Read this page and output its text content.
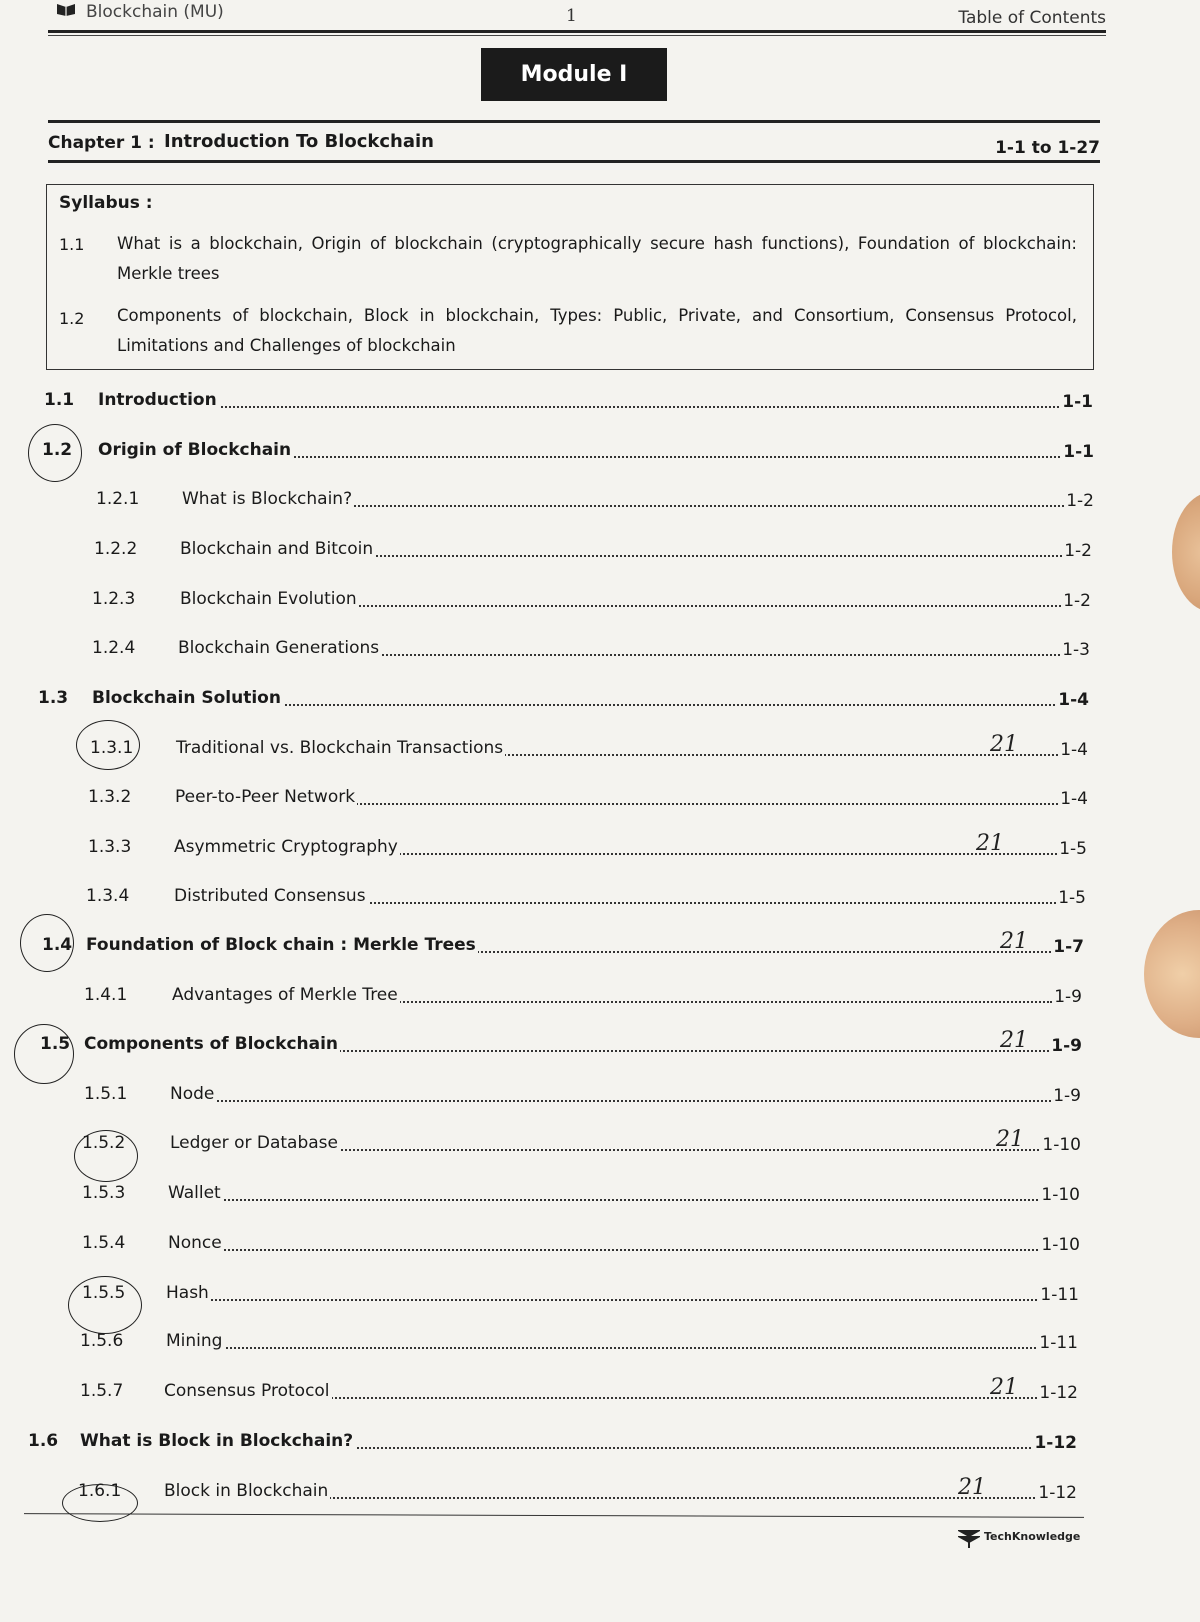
Blockchain (MU)	1	Table of Contents
Module I
Chapter 1 : Introduction To Blockchain	1-1 to 1-27
Syllabus :
1.1 What is a blockchain, Origin of blockchain (cryptographically secure hash functions), Foundation of blockchain: Merkle trees
1.2 Components of blockchain, Block in blockchain, Types: Public, Private, and Consortium, Consensus Protocol, Limitations and Challenges of blockchain
1.1 Introduction	1-1
1.2 Origin of Blockchain	1-1
1.2.1	What is Blockchain?	1-2
1.2.2	Blockchain and Bitcoin	1-2
1.2.3	Blockchain Evolution	1-2
1.2.4	Blockchain Generations	1-3
1.3 Blockchain Solution	1-4
1.3.1	Traditional vs. Blockchain Transactions	1-4
21
1.3.2	Peer-to-Peer Network	1-4
1.3.3	Asymmetric Cryptography	1-5
21
1.3.4	Distributed Consensus	1-5
1.4 Foundation of Block chain : Merkle Trees	1-7
21
1.4.1	Advantages of Merkle Tree	1-9
1.5 Components of Blockchain	1-9
21
1.5.1	Node	1-9
1.5.2	Ledger or Database	1-10
21
1.5.3	Wallet	1-10
1.5.4	Nonce	1-10
1.5.5 Hash	1-11
1.5.6	Mining	1-11
1.5.7 Consensus Protocol	1-12
21
1.6 What is Block in Blockchain?	1-12
1.6.1	Block in Blockchain	1-12
21
TechKnowledge
